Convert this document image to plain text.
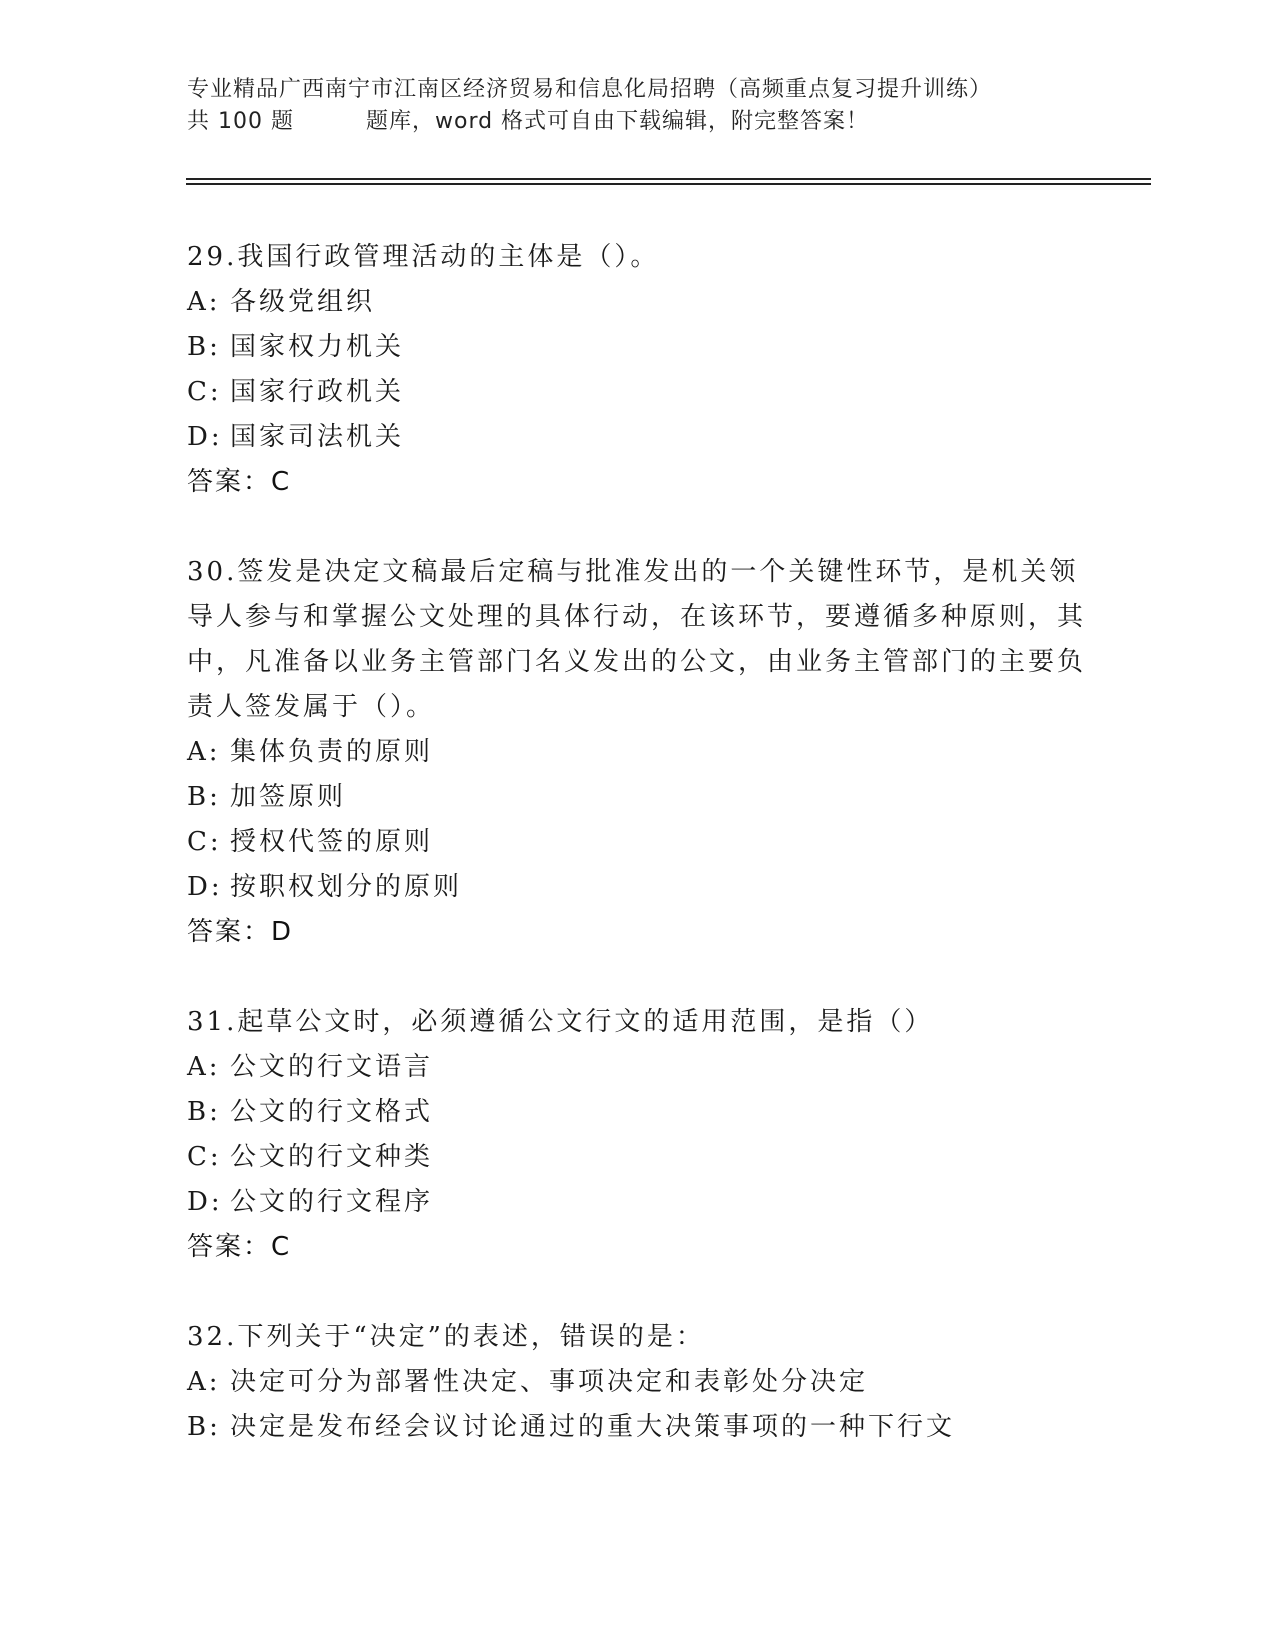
专业精品广西南宁市江南区经济贸易和信息化局招聘（高频重点复习提升训练）
共 100 题	题库，word 格式可自由下载编辑，附完整答案！
29.我国行政管理活动的主体是（）。
A: 各级党组织
B: 国家权力机关
C: 国家行政机关
D: 国家司法机关
答案：C
30.签发是决定文稿最后定稿与批准发出的一个关键性环节，是机关领导人参与和掌握公文处理的具体行动，在该环节，要遵循多种原则，其中，凡准备以业务主管部门名义发出的公文，由业务主管部门的主要负责人签发属于（）。
A: 集体负责的原则
B: 加签原则
C: 授权代签的原则
D: 按职权划分的原则
答案：D
31.起草公文时，必须遵循公文行文的适用范围，是指（）
A: 公文的行文语言
B: 公文的行文格式
C: 公文的行文种类
D: 公文的行文程序
答案：C
32.下列关于“决定”的表述，错误的是：
A: 决定可分为部署性决定、事项决定和表彰处分决定
B: 决定是发布经会议讨论通过的重大决策事项的一种下行文
